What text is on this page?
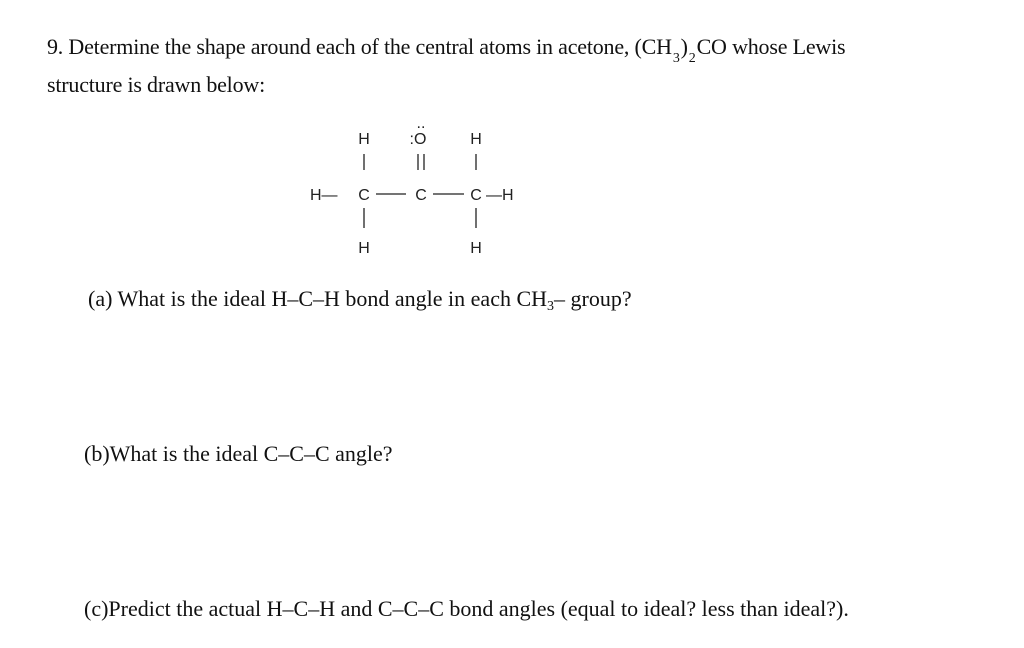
9. Determine the shape around each of the central atoms in acetone, $(CH_3)_2CO$ whose Lewis

structure is drawn below:

H :O
..
H
H— C	C	C —H
H	H

(a) What is the ideal H–C–H bond angle in each CH3– group?

(b)What is the ideal C–C–C angle?

(c)Predict the actual H–C–H and C–C–C bond angles (equal to ideal? less than ideal?).
